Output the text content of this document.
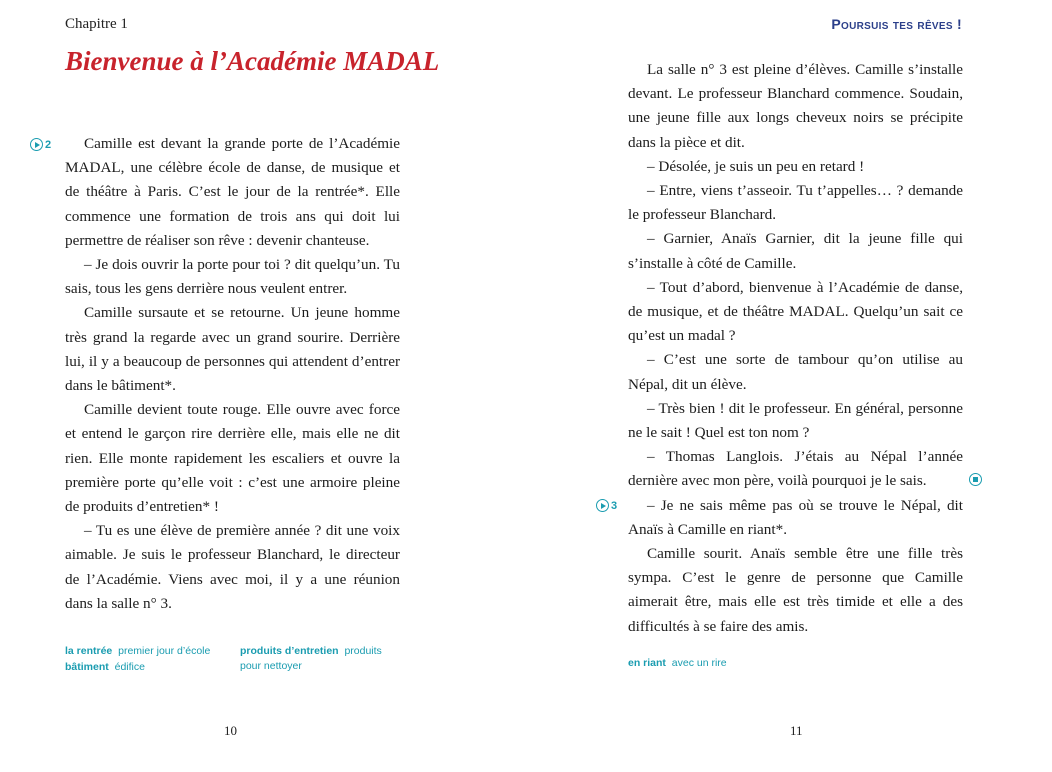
Chapitre 1
Bienvenue à l’Académie MADAL
2	Camille est devant la grande porte de l’Académie MADAL, une célèbre école de danse, de musique et de théâtre à Paris. C’est le jour de la rentrée*. Elle commence une formation de trois ans qui doit lui permettre de réaliser son rêve : devenir chanteuse.

– Je dois ouvrir la porte pour toi ? dit quelqu’un. Tu sais, tous les gens derrière nous veulent entrer.

Camille sursaute et se retourne. Un jeune homme très grand la regarde avec un grand sourire. Derrière lui, il y a beaucoup de personnes qui attendent d’entrer dans le bâtiment*.

Camille devient toute rouge. Elle ouvre avec force et entend le garçon rire derrière elle, mais elle ne dit rien. Elle monte rapidement les escaliers et ouvre la première porte qu’elle voit : c’est une armoire pleine de produits d’entretien* !

– Tu es une élève de première année ? dit une voix aimable. Je suis le professeur Blanchard, le directeur de l’Académie. Viens avec moi, il y a une réunion dans la salle n° 3.

la rentrée premier jour d’école
bâtiment édifice
produits d’entretien produits pour nettoyer
10
Poursuis tes rêves !

La salle n° 3 est pleine d’élèves. Camille s’installe devant. Le professeur Blanchard commence. Soudain, une jeune fille aux longs cheveux noirs se précipite dans la pièce et dit.

– Désolée, je suis un peu en retard !

– Entre, viens t’asseoir. Tu t’appelles… ? demande le professeur Blanchard.

– Garnier, Anaïs Garnier, dit la jeune fille qui s’installe à côté de Camille.

– Tout d’abord, bienvenue à l’Académie de danse, de musique, et de théâtre MADAL. Quelqu’un sait ce qu’est un madal ?

– C’est une sorte de tambour qu’on utilise au Népal, dit un élève.

– Très bien ! dit le professeur. En général, personne ne le sait ! Quel est ton nom ?

– Thomas Langlois. J’étais au Népal l’année dernière avec mon père, voilà pourquoi je le sais.

– Je ne sais même pas où se trouve le Népal, dit Anaïs à Camille en riant*.

Camille sourit. Anaïs semble être une fille très sympa. C’est le genre de personne que Camille aimerait être, mais elle est très timide et elle a des difficultés à se faire des amis.

3
en riant avec un rire
11
